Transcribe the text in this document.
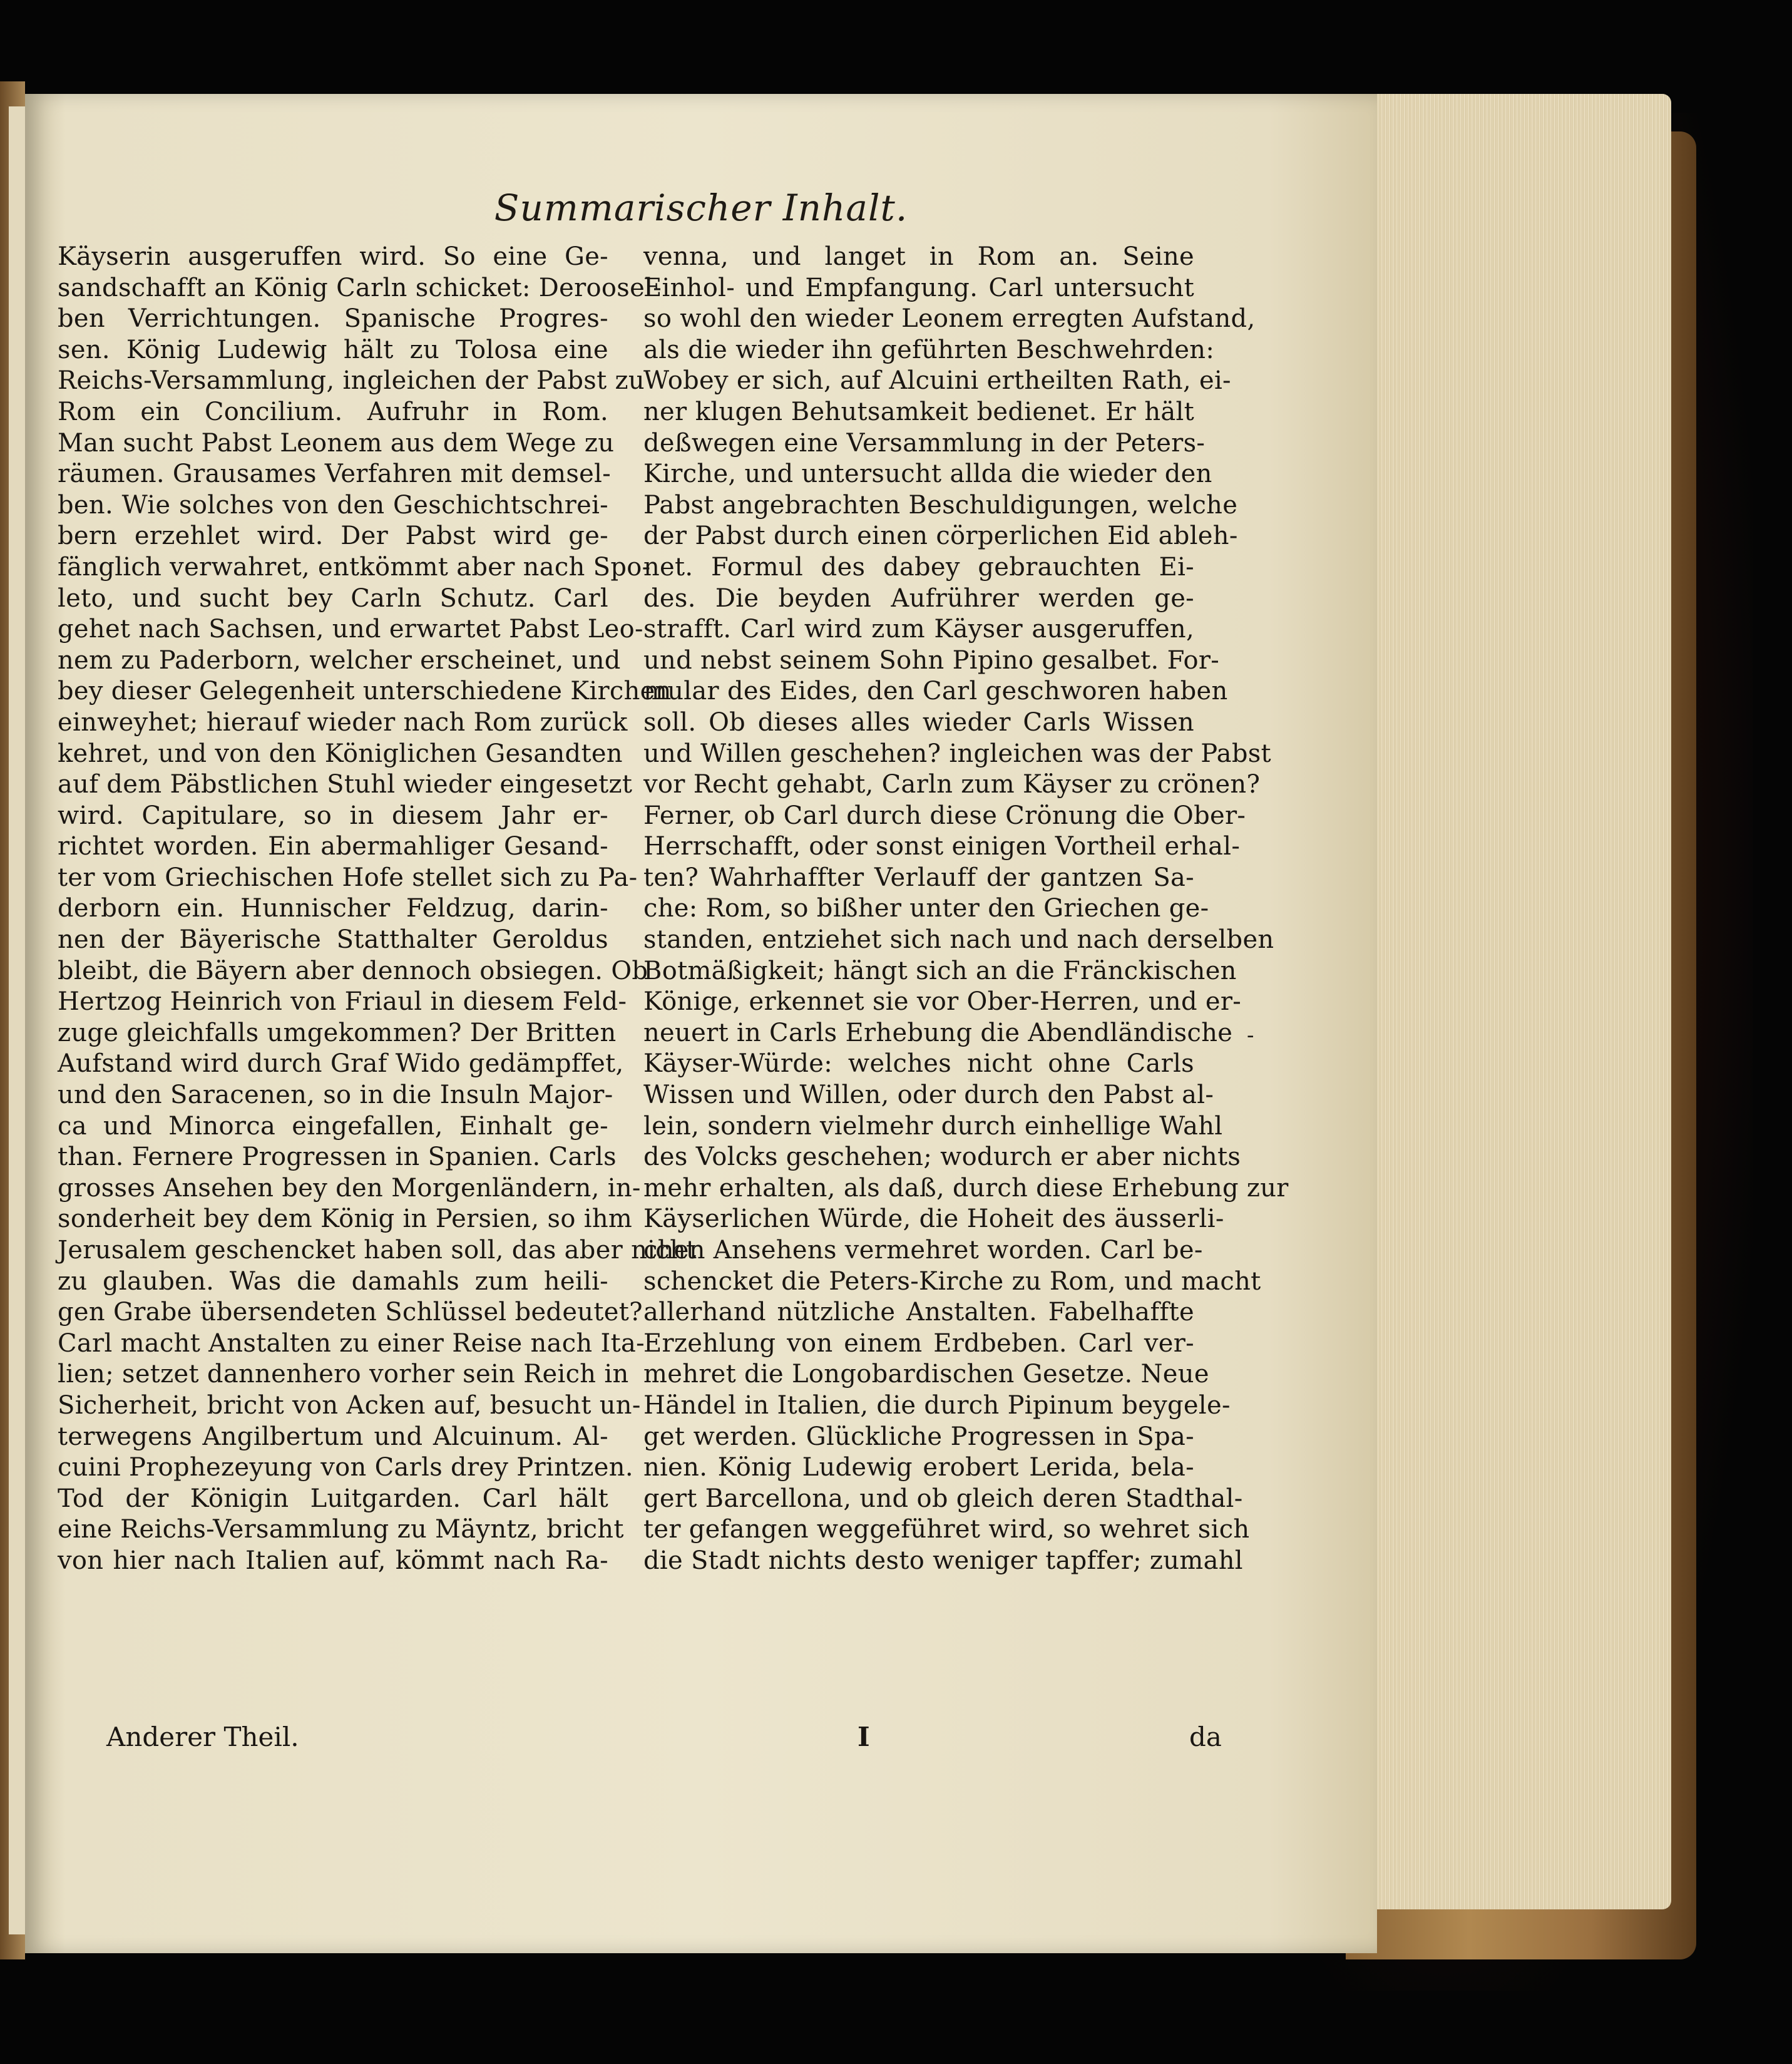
Summarischer Inhalt.
Käyserin ausgeruffen wird. So eine Ge-
sandschafft an König Carln schicket: Deroosel-
ben Verrichtungen. Spanische Progres-
sen. König Ludewig hält zu Tolosa eine
Reichs-Versammlung, ingleichen der Pabst zu
Rom ein Concilium. Aufruhr in Rom.
Man sucht Pabst Leonem aus dem Wege zu
räumen. Grausames Verfahren mit demsel-
ben. Wie solches von den Geschichtschrei-
bern erzehlet wird. Der Pabst wird ge-
fänglich verwahret, entkömmt aber nach Spo-
leto, und sucht bey Carln Schutz. Carl
gehet nach Sachsen, und erwartet Pabst Leo-
nem zu Paderborn, welcher erscheinet, und
bey dieser Gelegenheit unterschiedene Kirchen
einweyhet; hierauf wieder nach Rom zurück
kehret, und von den Königlichen Gesandten
auf dem Päbstlichen Stuhl wieder eingesetzt
wird. Capitulare, so in diesem Jahr er-
richtet worden. Ein abermahliger Gesand-
ter vom Griechischen Hofe stellet sich zu Pa-
derborn ein. Hunnischer Feldzug, darin-
nen der Bäyerische Statthalter Geroldus
bleibt, die Bäyern aber dennoch obsiegen. Ob
Hertzog Heinrich von Friaul in diesem Feld-
zuge gleichfalls umgekommen? Der Britten
Aufstand wird durch Graf Wido gedämpffet,
und den Saracenen, so in die Insuln Major-
ca und Minorca eingefallen, Einhalt ge-
than. Fernere Progressen in Spanien. Carls
grosses Ansehen bey den Morgenländern, in-
sonderheit bey dem König in Persien, so ihm
Jerusalem geschencket haben soll, das aber nicht
zu glauben. Was die damahls zum heili-
gen Grabe übersendeten Schlüssel bedeutet?
Carl macht Anstalten zu einer Reise nach Ita-
lien; setzet dannenhero vorher sein Reich in
Sicherheit, bricht von Acken auf, besucht un-
terwegens Angilbertum und Alcuinum. Al-
cuini Prophezeyung von Carls drey Printzen.
Tod der Königin Luitgarden. Carl hält
eine Reichs-Versammlung zu Mäyntz, bricht
von hier nach Italien auf, kömmt nach Ra-
venna, und langet in Rom an. Seine
Einhol- und Empfangung. Carl untersucht
so wohl den wieder Leonem erregten Aufstand,
als die wieder ihn geführten Beschwehrden:
Wobey er sich, auf Alcuini ertheilten Rath, ei-
ner klugen Behutsamkeit bedienet. Er hält
deßwegen eine Versammlung in der Peters-
Kirche, und untersucht allda die wieder den
Pabst angebrachten Beschuldigungen, welche
der Pabst durch einen cörperlichen Eid ableh-
net. Formul des dabey gebrauchten Ei-
des. Die beyden Aufrührer werden ge-
strafft. Carl wird zum Käyser ausgeruffen,
und nebst seinem Sohn Pipino gesalbet. For-
mular des Eides, den Carl geschworen haben
soll. Ob dieses alles wieder Carls Wissen
und Willen geschehen? ingleichen was der Pabst
vor Recht gehabt, Carln zum Käyser zu crönen?
Ferner, ob Carl durch diese Crönung die Ober-
Herrschafft, oder sonst einigen Vortheil erhal-
ten? Wahrhaffter Verlauff der gantzen Sa-
che: Rom, so bißher unter den Griechen ge-
standen, entziehet sich nach und nach derselben
Botmäßigkeit; hängt sich an die Fränckischen
Könige, erkennet sie vor Ober-Herren, und er-
neuert in Carls Erhebung die Abendländische
Käyser-Würde: welches nicht ohne Carls
Wissen und Willen, oder durch den Pabst al-
lein, sondern vielmehr durch einhellige Wahl
des Volcks geschehen; wodurch er aber nichts
mehr erhalten, als daß, durch diese Erhebung zur
Käyserlichen Würde, die Hoheit des äusserli-
chen Ansehens vermehret worden. Carl be-
schencket die Peters-Kirche zu Rom, und macht
allerhand nützliche Anstalten. Fabelhaffte
Erzehlung von einem Erdbeben. Carl ver-
mehret die Longobardischen Gesetze. Neue
Händel in Italien, die durch Pipinum beygele-
get werden. Glückliche Progressen in Spa-
nien. König Ludewig erobert Lerida, bela-
gert Barcellona, und ob gleich deren Stadthal-
ter gefangen weggeführet wird, so wehret sich
die Stadt nichts desto weniger tapffer; zumahl
-
Anderer Theil.	I	da
